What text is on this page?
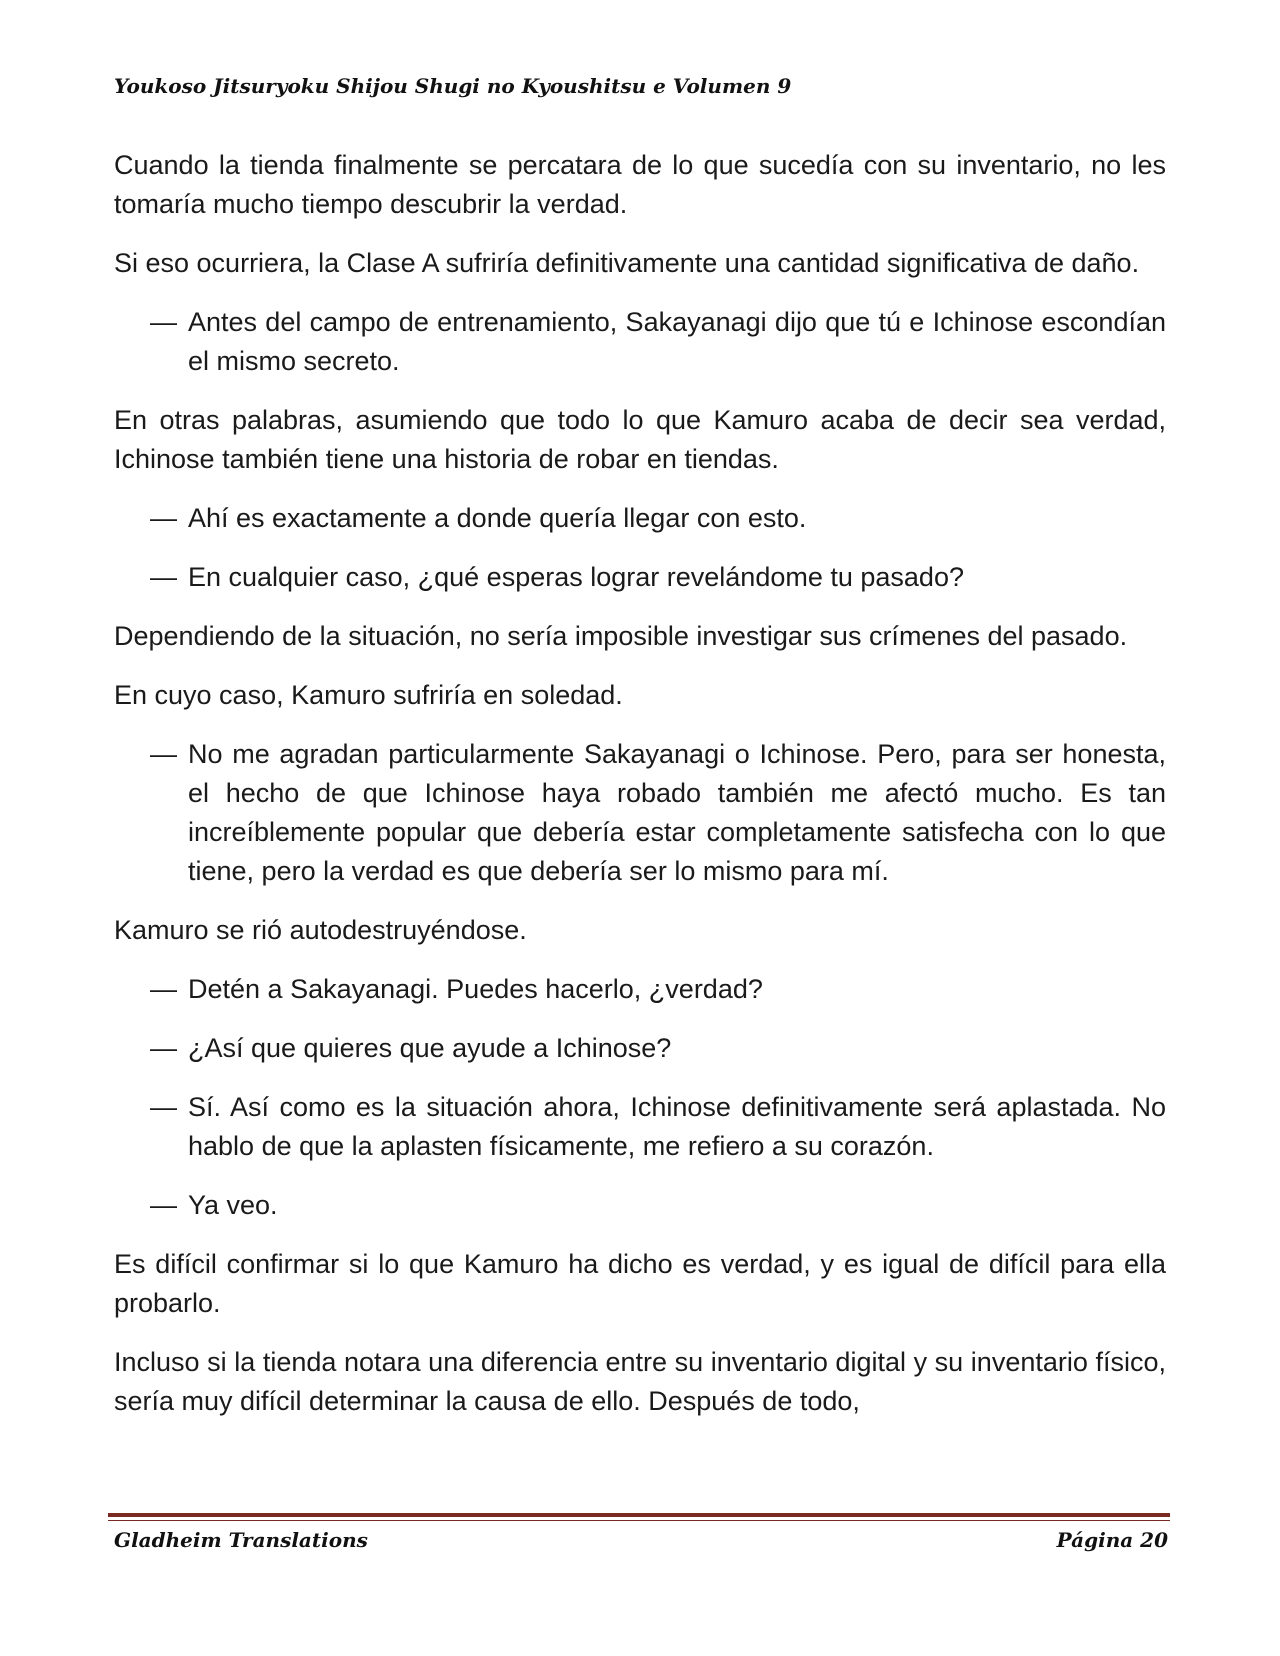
Youkoso Jitsuryoku Shijou Shugi no Kyoushitsu e Volumen 9

Cuando la tienda finalmente se percatara de lo que sucedía con su inventario, no les tomaría mucho tiempo descubrir la verdad.

Si eso ocurriera, la Clase A sufriría definitivamente una cantidad significativa de daño.

— Antes del campo de entrenamiento, Sakayanagi dijo que tú e Ichinose escondían el mismo secreto.

En otras palabras, asumiendo que todo lo que Kamuro acaba de decir sea verdad, Ichinose también tiene una historia de robar en tiendas.

— Ahí es exactamente a donde quería llegar con esto.
— En cualquier caso, ¿qué esperas lograr revelándome tu pasado?

Dependiendo de la situación, no sería imposible investigar sus crímenes del pasado.

En cuyo caso, Kamuro sufriría en soledad.

— No me agradan particularmente Sakayanagi o Ichinose. Pero, para ser honesta, el hecho de que Ichinose haya robado también me afectó mucho. Es tan increíblemente popular que debería estar completamente satisfecha con lo que tiene, pero la verdad es que debería ser lo mismo para mí.

Kamuro se rió autodestruyéndose.

— Detén a Sakayanagi. Puedes hacerlo, ¿verdad?
— ¿Así que quieres que ayude a Ichinose?
— Sí. Así como es la situación ahora, Ichinose definitivamente será aplastada. No hablo de que la aplasten físicamente, me refiero a su corazón.
— Ya veo.

Es difícil confirmar si lo que Kamuro ha dicho es verdad, y es igual de difícil para ella probarlo.

Incluso si la tienda notara una diferencia entre su inventario digital y su inventario físico, sería muy difícil determinar la causa de ello. Después de todo,

Gladheim Translations	Página 20
